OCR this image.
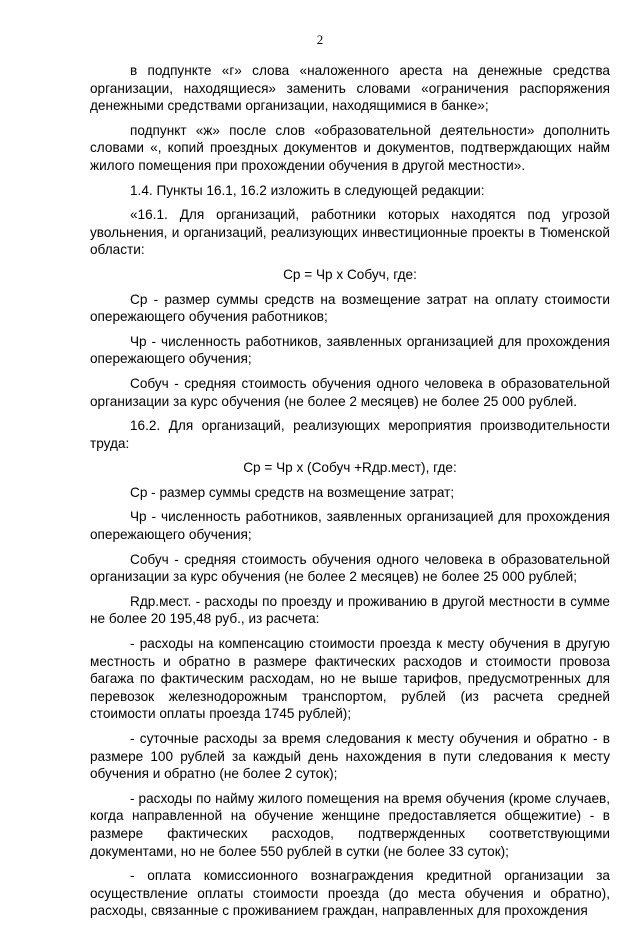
2

в подпункте «г» слова «наложенного ареста на денежные средства организации, находящиеся» заменить словами «ограничения распоряжения денежными средствами организации, находящимися в банке»;

подпункт «ж» после слов «образовательной деятельности» дополнить словами «, копий проездных документов и документов, подтверждающих найм жилого помещения при прохождении обучения в другой местности».

1.4. Пункты 16.1, 16.2 изложить в следующей редакции:

«16.1. Для организаций, работники которых находятся под угрозой увольнения, и организаций, реализующих инвестиционные проекты в Тюменской области:

Ср = Чр х Собуч, где:

Ср - размер суммы средств на возмещение затрат на оплату стоимости опережающего обучения работников;

Чр - численность работников, заявленных организацией для прохождения опережающего обучения;

Собуч - средняя стоимость обучения одного человека в образовательной организации за курс обучения (не более 2 месяцев) не более 25 000 рублей.

16.2. Для организаций, реализующих мероприятия производительности труда:

Ср = Чр х (Собуч +Rдр.мест), где:

Ср - размер суммы средств на возмещение затрат;

Чр - численность работников, заявленных организацией для прохождения опережающего обучения;

Собуч - средняя стоимость обучения одного человека в образовательной организации за курс обучения (не более 2 месяцев) не более 25 000 рублей;

Rдр.мест. - расходы по проезду и проживанию в другой местности в сумме не более 20 195,48 руб., из расчета:

- расходы на компенсацию стоимости проезда к месту обучения в другую местность и обратно в размере фактических расходов и стоимости провоза багажа по фактическим расходам, но не выше тарифов, предусмотренных для перевозок железнодорожным транспортом, рублей (из расчета средней стоимости оплаты проезда 1745 рублей);

- суточные расходы за время следования к месту обучения и обратно - в размере 100 рублей за каждый день нахождения в пути следования к месту обучения и обратно (не более 2 суток);

- расходы по найму жилого помещения на время обучения (кроме случаев, когда направленной на обучение женщине предоставляется общежитие) - в размере фактических расходов, подтвержденных соответствующими документами, но не более 550 рублей в сутки (не более 33 суток);

- оплата комиссионного вознаграждения кредитной организации за осуществление оплаты стоимости проезда (до места обучения и обратно), расходы, связанные с проживанием граждан, направленных для прохождения
